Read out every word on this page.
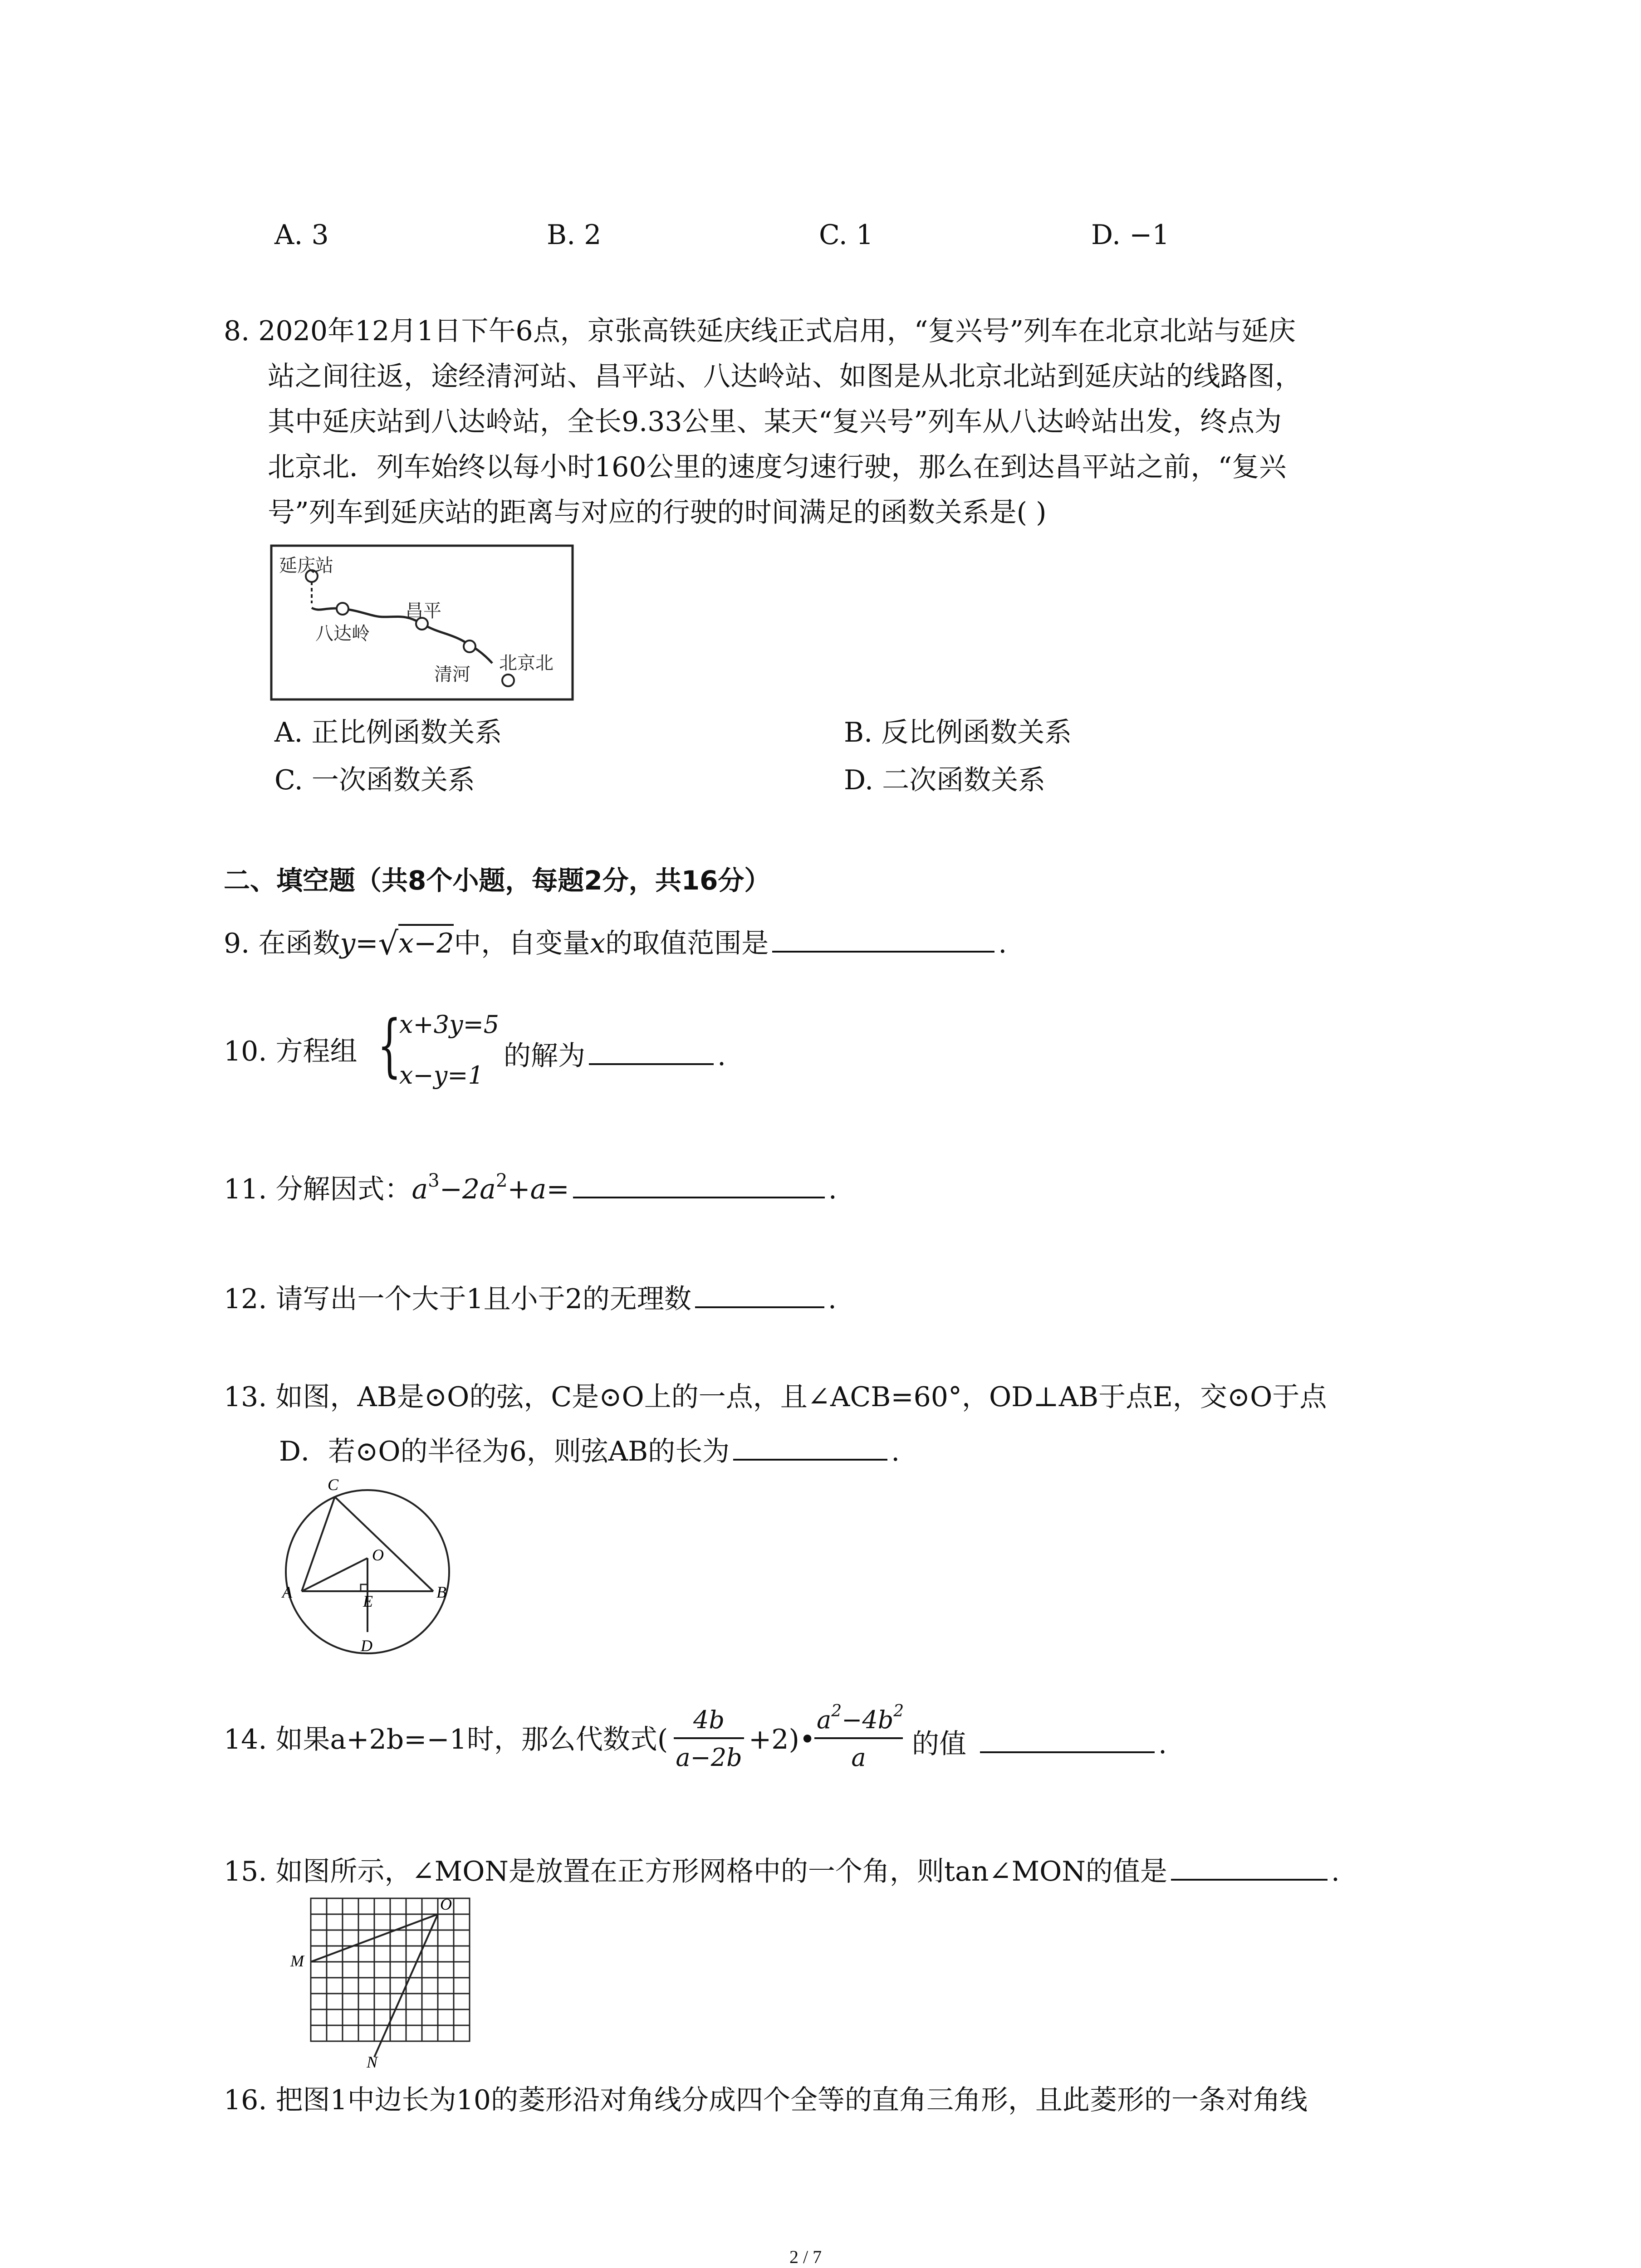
A. 3	B. 2	C. 1	D. −1
8. 2020年12月1日下午6点，京张高铁延庆线正式启用，“复兴号”列车在北京北站与延庆
站之间往返，途经清河站、昌平站、八达岭站、如图是从北京北站到延庆站的线路图，
其中延庆站到八达岭站，全长9.33公里、某天“复兴号”列车从八达岭站出发，终点为
北京北．列车始终以每小时160公里的速度匀速行驶，那么在到达昌平站之前，“复兴
号”列车到延庆站的距离与对应的行驶的时间满足的函数关系是( )
延庆站
八达岭
昌平
清河
北京北
A. 正比例函数关系	B. 反比例函数关系
C. 一次函数关系	D. 二次函数关系
二、填空题（共8个小题，每题2分，共16分）
9. 在函数y=√x−2中，自变量x的取值范围是	.
10. 方程组 {
x+3y=5
x−y=1
的解为	.
11. 分解因式：$a^3-2a^2+a=$	.
12. 请写出一个大于1且小于2的无理数	.
13. 如图，AB是⊙O的弦，C是⊙O上的一点，且∠ACB=60°，OD⊥AB于点E，交⊙O于点
D．若⊙O的半径为6，则弦AB的长为	.
C
O
A	E	B
D
14. 如果a+2b=−1时，那么代数式(
4b
a−2b
+2)•
$a^2-4b^2$
a	的值	.
15. 如图所示，∠MON是放置在正方形网格中的一个角，则tan∠MON的值是	.
O
M
N
16. 把图1中边长为10的菱形沿对角线分成四个全等的直角三角形，且此菱形的一条对角线
2 / 7
